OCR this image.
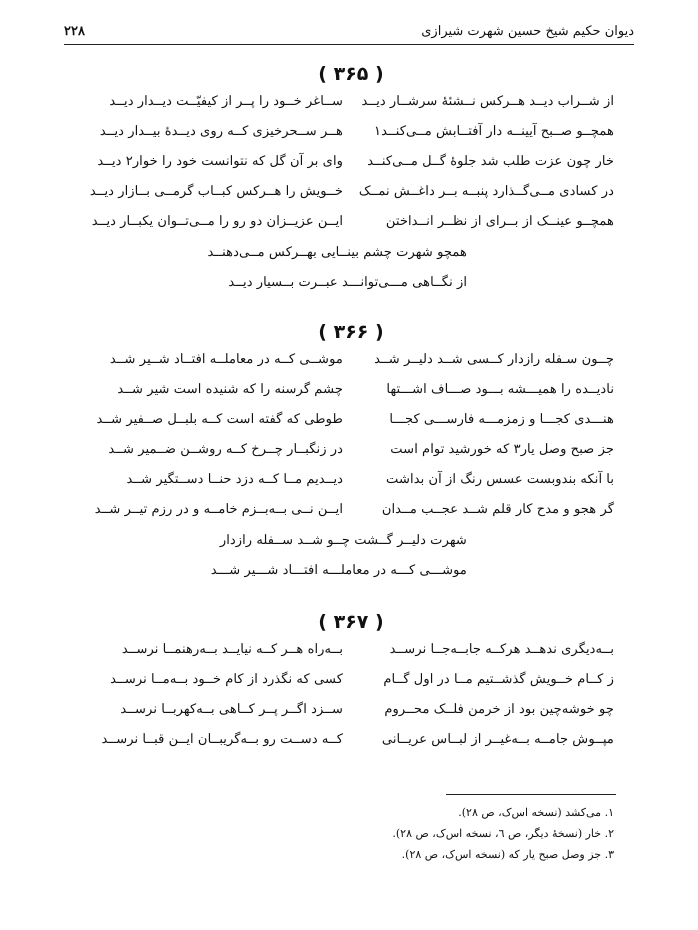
دیوان حکیم شیخ حسین شهرت شیرازی
۲۲۸
( ۳۶۵ )
از شــراب دیــد هــرکس نــشئهٔ سرشــار دیــد
ســاغر خــود را پــر از کیفیّــت دیــدار دیــد
همچــو صــبح آیینــه دار آفتــابش مــی‌کنــد۱
هــر ســحرخیزی کــه روی دیــدهٔ بیــدار دیــد
خار چون عزت طلب شد جلوهٔ گــل مــی‌کنــد
وای بر آن گل که نتوانست خود را خوار۲ دیــد
در کسادی مــی‌گــذارد پنبــه بــر داغــش نمــک
خــویش را هــرکس کبــاب گرمــی بــازار دیــد
همچــو عینــک از بــرای از نظــر انــداختن
ایــن عزیــزان دو رو را مــی‌تــوان یکبــار دیــد
همچو شهرت چشم بینــایی بهــرکس مــی‌دهنــد
از نگــاهی مـــی‌توانـــد عبــرت بــسیار دیــد
( ۳۶۶ )
چــون سـفله رازدار کــسی شــد دلیــر شــد
موشــی کــه در معاملــه افتــاد شــیر شــد
نادیــده را همیـــشه بـــود صـــاف اشـــتها
چشم گرسنه را که شنیده است شیر شــد
هنـــدی کجـــا و زمزمـــه فارســـی کجـــا
طوطی که گفته است کــه بلبــل صــفیر شــد
جز صبح وصل یار۳ که خورشید توام است
در زنگبــار چــرخ کــه روشــن ضــمیر شــد
با آنکه بندوبست عسس رنگ از آن بداشت
دیــدیم مــا کــه دزد حنــا دســتگیر شــد
گر هجو و مدح کار قلم شــد عجــب مــدان
ایــن نــی بــه‌بــزم خامــه و در رزم تیــر شــد
شهرت دلیــر گــشت چــو شــد ســفله رازدار
موشـــی کـــه در معاملـــه افتـــاد شـــیر شـــد
( ۳۶۷ )
بــه‌دیگری ندهــد هرکــه جابــه‌جــا نرســد
بــه‌راه هــر کــه نیایــد بــه‌رهنمــا نرســد
ز کــام خــویش گذشــتیم مــا در اول گــام
کسی که نگذرد از کام خــود بــه‌مــا نرســد
چو خوشه‌چین بود از خرمن فلــک محــروم
ســزد اگــر پــر کــاهی بــه‌کهربــا نرســد
مپــوش جامــه بــه‌غیــر از لبــاس عریــانی
کــه دســت رو بــه‌گریبــان ایــن قبــا نرســد
۱. می‌کشد (نسخه اس‌ک، ص ۲۸).
۲. خار (نسخهٔ دیگر، ص ٦، نسخه اس‌ک، ص ۲۸).
۳. جز وصل صبح یار که (نسخه اس‌ک، ص ۲۸).
